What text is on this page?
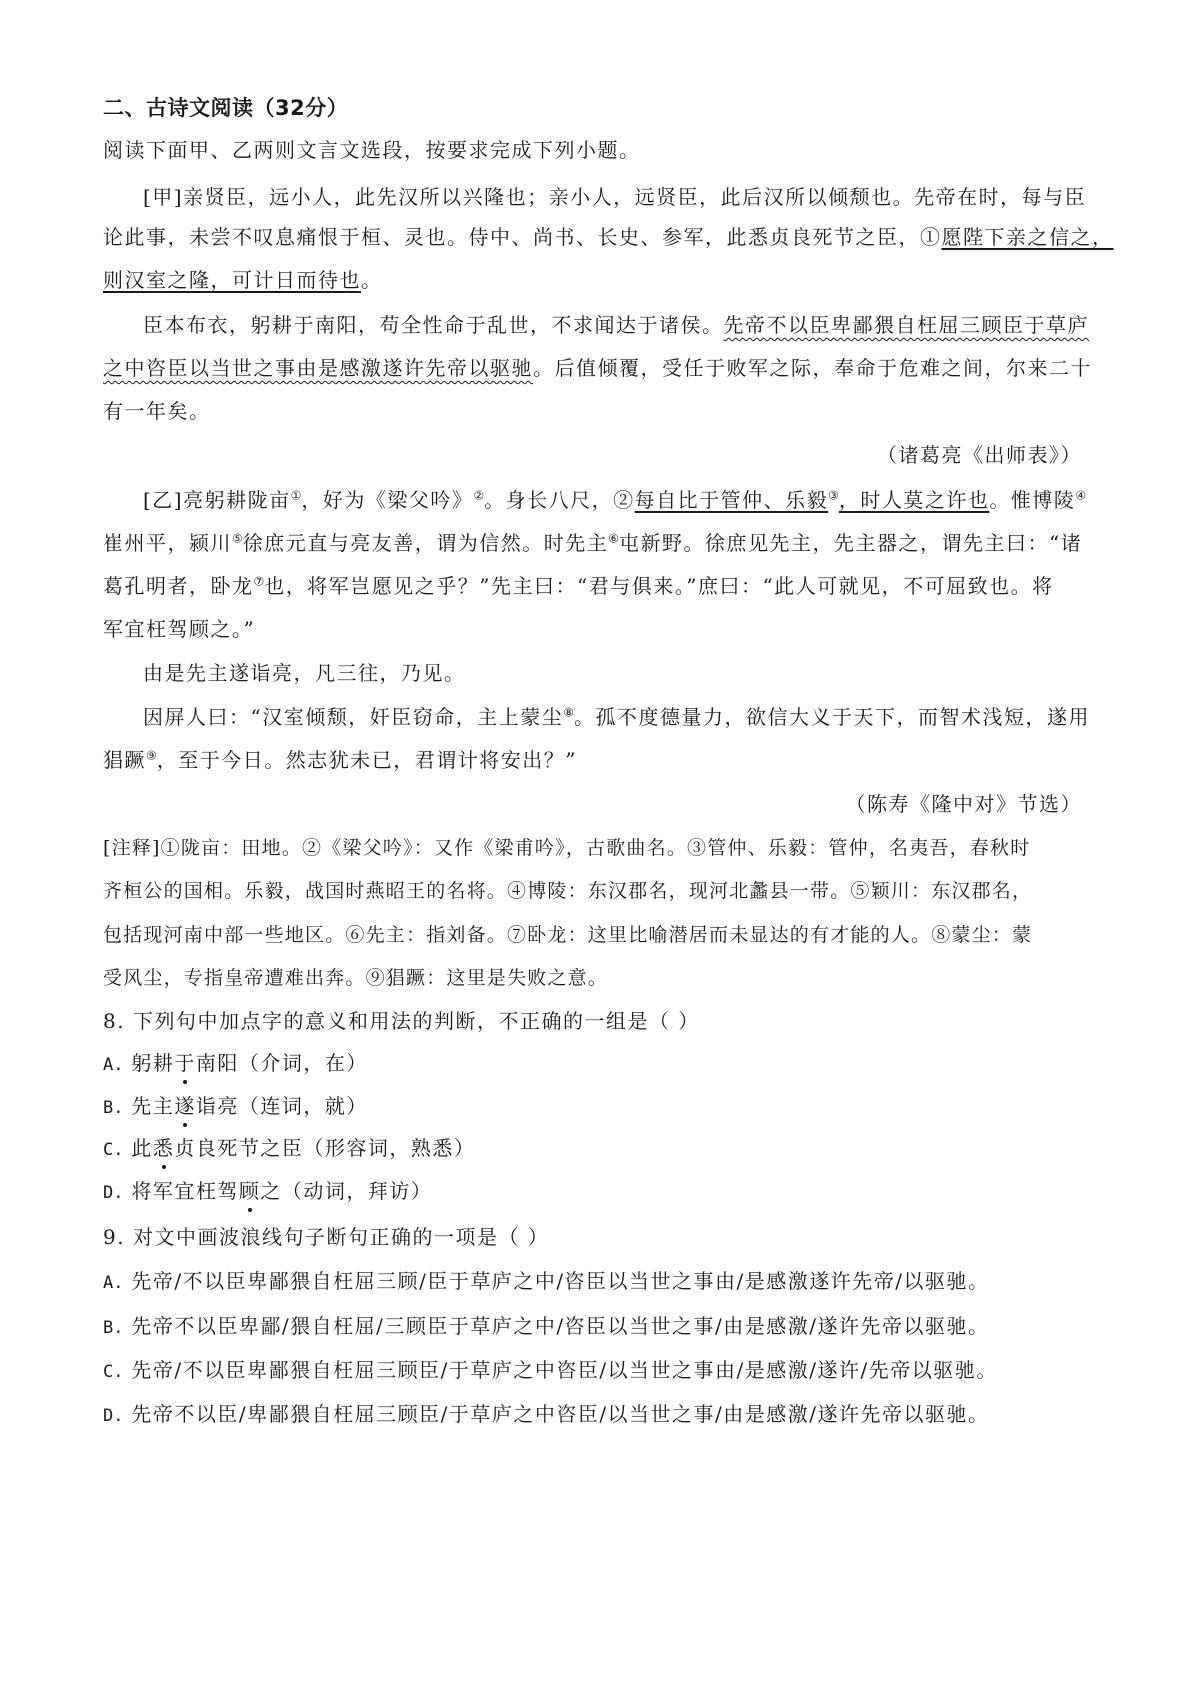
二、古诗文阅读（32分）
阅读下面甲、乙两则文言文选段，按要求完成下列小题。
[甲]亲贤臣，远小人，此先汉所以兴隆也；亲小人，远贤臣，此后汉所以倾颓也。先帝在时，每与臣
论此事，未尝不叹息痛恨于桓、灵也。侍中、尚书、长史、参军，此悉贞良死节之臣，①愿陛下亲之信之，
则汉室之隆，可计日而待也。
臣本布衣，躬耕于南阳，苟全性命于乱世，不求闻达于诸侯。先帝不以臣卑鄙猥自枉屈三顾臣于草庐
之中咨臣以当世之事由是感激遂许先帝以驱驰。后值倾覆，受任于败军之际，奉命于危难之间，尔来二十
有一年矣。
（诸葛亮《出师表》）
[乙]亮躬耕陇亩①，好为《梁父吟》②。身长八尺，②每自比于管仲、乐毅③，时人莫之许也。惟博陵④
崔州平，颍川⑤徐庶元直与亮友善，谓为信然。时先主⑥屯新野。徐庶见先主，先主器之，谓先主曰：“诸
葛孔明者，卧龙⑦也，将军岂愿见之乎？”先主曰：“君与俱来。”庶曰：“此人可就见，不可屈致也。将
军宜枉驾顾之。”
由是先主遂诣亮，凡三往，乃见。
因屏人曰：“汉室倾颓，奸臣窃命，主上蒙尘⑧。孤不度德量力，欲信大义于天下，而智术浅短，遂用
猖蹶⑨，至于今日。然志犹未已，君谓计将安出？”
（陈寿《隆中对》节选）
[注释]①陇亩：田地。②《梁父吟》：又作《梁甫吟》，古歌曲名。③管仲、乐毅：管仲，名夷吾，春秋时
齐桓公的国相。乐毅，战国时燕昭王的名将。④博陵：东汉郡名，现河北蠡县一带。⑤颖川：东汉郡名，
包括现河南中部一些地区。⑥先主：指刘备。⑦卧龙：这里比喻潜居而未显达的有才能的人。⑧蒙尘：蒙
受风尘，专指皇帝遭难出奔。⑨猖蹶：这里是失败之意。
8. 下列句中加点字的意义和用法的判断，不正确的一组是（ ）
A. 躬耕于南阳（介词，在）
B. 先主遂诣亮（连词，就）
C. 此悉贞良死节之臣（形容词，熟悉）
D. 将军宜枉驾顾之（动词，拜访）
9. 对文中画波浪线句子断句正确的一项是（ ）
A. 先帝/不以臣卑鄙猥自枉屈三顾/臣于草庐之中/咨臣以当世之事由/是感激遂许先帝/以驱驰。
B. 先帝不以臣卑鄙/猥自枉屈/三顾臣于草庐之中/咨臣以当世之事/由是感激/遂许先帝以驱驰。
C. 先帝/不以臣卑鄙猥自枉屈三顾臣/于草庐之中咨臣/以当世之事由/是感激/遂许/先帝以驱驰。
D. 先帝不以臣/卑鄙猥自枉屈三顾臣/于草庐之中咨臣/以当世之事/由是感激/遂许先帝以驱驰。
